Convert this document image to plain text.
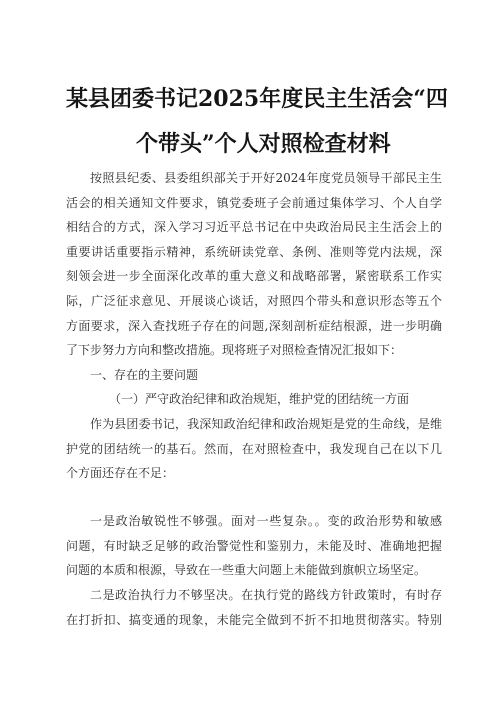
某县团委书记2025年度民主生活会“四
个带头”个人对照检查材料
按照县纪委、县委组织部关于开好2024年度党员领导干部民主生
活会的相关通知文件要求，镇党委班子会前通过集体学习、个人自学
相结合的方式，深入学习习近平总书记在中央政治局民主生活会上的
重要讲话重要指示精神，系统研读党章、条例、准则等党内法规，深
刻领会进一步全面深化改革的重大意义和战略部署，紧密联系工作实
际，广泛征求意见、开展谈心谈话，对照四个带头和意识形态等五个
方面要求，深入查找班子存在的问题,深刻剖析症结根源，进一步明确
了下步努力方向和整改措施。现将班子对照检查情况汇报如下：

一、存在的主要问题

（一）严守政治纪律和政治规矩，维护党的团结统一方面

作为县团委书记，我深知政治纪律和政治规矩是党的生命线，是维
护党的团结统一的基石。然而，在对照检查中，我发现自己在以下几
个方面还存在不足：
一是政治敏锐性不够强。面对一些复杂。。变的政治形势和敏感
问题，有时缺乏足够的政治警觉性和鉴别力，未能及时、准确地把握
问题的本质和根源，导致在一些重大问题上未能做到旗帜立场坚定。
二是政治执行力不够坚决。在执行党的路线方针政策时，有时存
在打折扣、搞变通的现象，未能完全做到不折不扣地贯彻落实。特别
